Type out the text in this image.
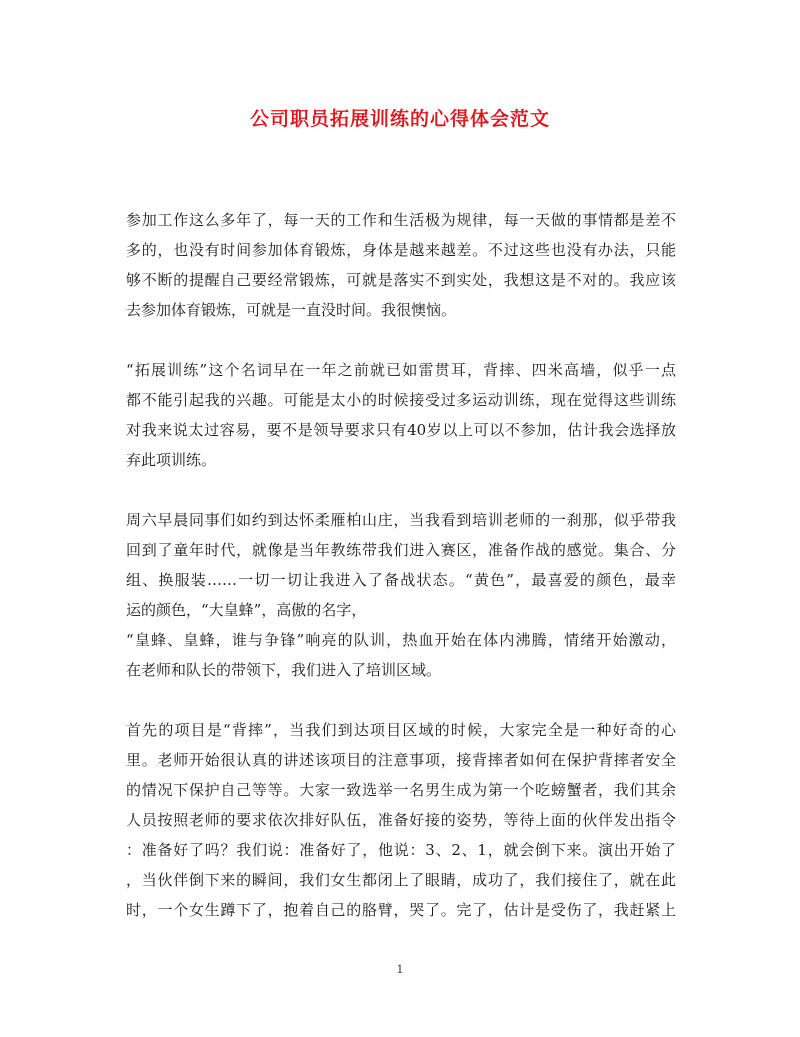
公司职员拓展训练的心得体会范文
参加工作这么多年了，每一天的工作和生活极为规律，每一天做的事情都是差不
多的，也没有时间参加体育锻炼，身体是越来越差。不过这些也没有办法，只能
够不断的提醒自己要经常锻炼，可就是落实不到实处，我想这是不对的。我应该
去参加体育锻炼，可就是一直没时间。我很懊恼。
“拓展训练”这个名词早在一年之前就已如雷贯耳，背摔、四米高墙，似乎一点
都不能引起我的兴趣。可能是太小的时候接受过多运动训练，现在觉得这些训练
对我来说太过容易，要不是领导要求只有40岁以上可以不参加，估计我会选择放
弃此项训练。
周六早晨同事们如约到达怀柔雁柏山庄，当我看到培训老师的一刹那，似乎带我
回到了童年时代，就像是当年教练带我们进入赛区，准备作战的感觉。集合、分
组、换服装……一切一切让我进入了备战状态。“黄色”，最喜爱的颜色，最幸
运的颜色，“大皇蜂”，高傲的名字，
“皇蜂、皇蜂，谁与争锋”响亮的队训，热血开始在体内沸腾，情绪开始激动，
在老师和队长的带领下，我们进入了培训区域。
首先的项目是“背摔”，当我们到达项目区域的时候，大家完全是一种好奇的心
里。老师开始很认真的讲述该项目的注意事项，接背摔者如何在保护背摔者安全
的情况下保护自己等等。大家一致选举一名男生成为第一个吃螃蟹者，我们其余
人员按照老师的要求依次排好队伍，准备好接的姿势，等待上面的伙伴发出指令
：准备好了吗？我们说：准备好了，他说：3、2、1，就会倒下来。演出开始了
，当伙伴倒下来的瞬间，我们女生都闭上了眼睛，成功了，我们接住了，就在此
时，一个女生蹲下了，抱着自己的胳臂，哭了。完了，估计是受伤了，我赶紧上
1
